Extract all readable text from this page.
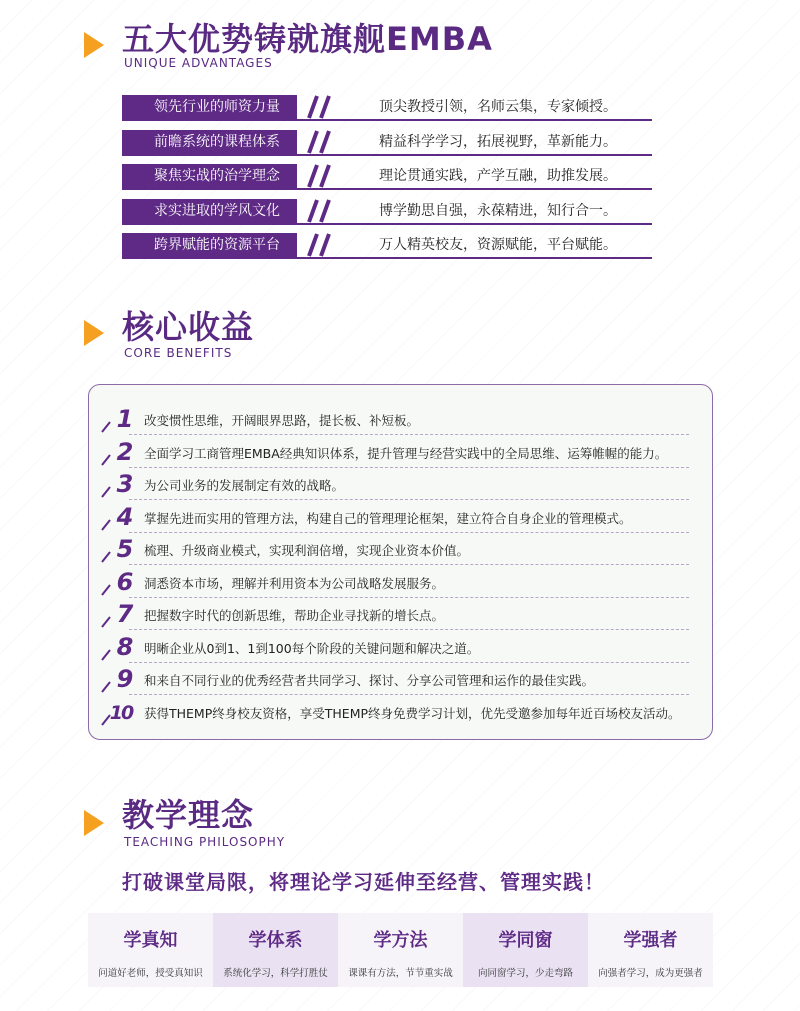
五大优势铸就旗舰EMBA
UNIQUE ADVANTAGES
领先行业的师资力量	顶尖教授引领，名师云集，专家倾授。
前瞻系统的课程体系	精益科学学习，拓展视野，革新能力。
聚焦实战的治学理念	理论贯通实践，产学互融，助推发展。
求实进取的学风文化	博学勤思自强，永葆精进，知行合一。
跨界赋能的资源平台	万人精英校友，资源赋能，平台赋能。
核心收益
CORE BENEFITS
1 改变惯性思维，开阔眼界思路，提长板、补短板。
2 全面学习工商管理EMBA经典知识体系，提升管理与经营实践中的全局思维、运筹帷幄的能力。
3 为公司业务的发展制定有效的战略。
4 掌握先进而实用的管理方法，构建自己的管理理论框架，建立符合自身企业的管理模式。
5 梳理、升级商业模式，实现利润倍增，实现企业资本价值。
6 洞悉资本市场，理解并利用资本为公司战略发展服务。
7 把握数字时代的创新思维，帮助企业寻找新的增长点。
8 明晰企业从0到1、1到100每个阶段的关键问题和解决之道。
9 和来自不同行业的优秀经营者共同学习、探讨、分享公司管理和运作的最佳实践。
10 获得THEMP终身校友资格，享受THEMP终身免费学习计划，优先受邀参加每年近百场校友活动。
教学理念
TEACHING PHILOSOPHY
打破课堂局限，将理论学习延伸至经营、管理实践！
学真知
问道好老师，授受真知识
学体系
系统化学习，科学打胜仗
学方法
课课有方法，节节重实战
学同窗
向同窗学习，少走弯路
学强者
向强者学习，成为更强者
